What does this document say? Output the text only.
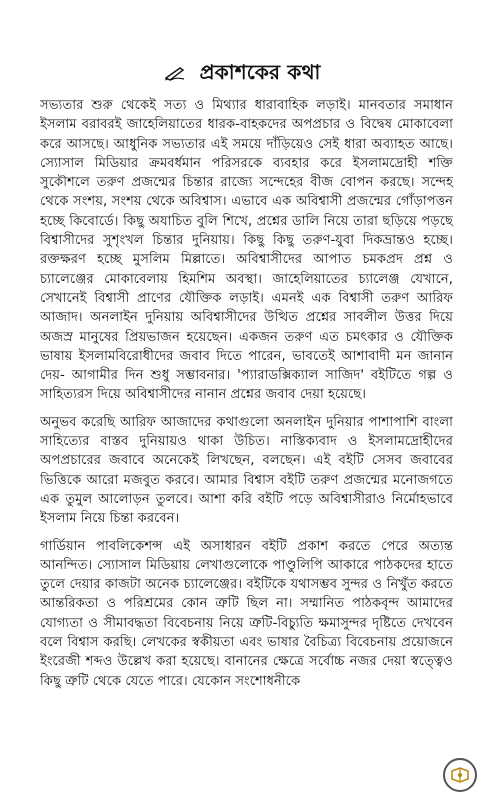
প্রকাশকের কথা

সভ্যতার শুরু থেকেই সত্য ও মিথ্যার ধারাবাহিক লড়াই। মানবতার সমাধান ইসলাম বরাবরই জাহেলিয়াতের ধারক-বাহকদের অপপ্রচার ও বিদ্বেষ মোকাবেলা করে আসছে। আধুনিক সভ্যতার এই সময়ে দাঁড়িয়েও সেই ধারা অব্যাহত আছে। স্যোসাল মিডিয়ার ক্রমবর্ধমান পরিসরকে ব্যবহার করে ইসলামদ্রোহী শক্তি সুকৌশলে তরুণ প্রজন্মের চিন্তার রাজ্যে সন্দেহের বীজ বোপন করছে। সন্দেহ থেকে সংশয়, সংশয় থেকে অবিশ্বাস। এভাবে এক অবিশ্বাসী প্রজন্মের গোঁড়াপত্তন হচ্ছে কিবোর্ডে। কিছু অযাচিত বুলি শিখে, প্রশ্নের ডালি নিয়ে তারা ছড়িয়ে পড়ছে বিশ্বাসীদের সুশৃংখল চিন্তার দুনিয়ায়। কিছু কিছু তরুণ-যুবা দিকভ্রান্তও হচ্ছে। রক্তক্ষরণ হচ্ছে মুসলিম মিল্লাতে। অবিশ্বাসীদের আপাত চমকপ্রদ প্রশ্ন ও চ্যালেঞ্জের মোকাবেলায় হিমশিম অবস্থা। জাহেলিয়াতের চ্যালেঞ্জ যেখানে, সেখানেই বিশ্বাসী প্রাণের যৌক্তিক লড়াই। এমনই এক বিশ্বাসী তরুণ আরিফ আজাদ। অনলাইন দুনিয়ায় অবিশ্বাসীদের উত্থিত প্রশ্নের সাবলীল উত্তর দিয়ে অজস্র মানুষের প্রিয়ভাজন হয়েছেন। একজন তরুণ এত চমৎকার ও যৌক্তিক ভাষায় ইসলামবিরোধীদের জবাব দিতে পারেন, ভাবতেই আশাবাদী মন জানান দেয়- আগামীর দিন শুধু সম্ভাবনার। 'প্যারাডক্সিক্যাল সাজিদ' বইটিতে গল্প ও সাহিত্যরস দিয়ে অবিশ্বাসীদের নানান প্রশ্নের জবাব দেয়া হয়েছে।

অনুভব করেছি আরিফ আজাদের কথাগুলো অনলাইন দুনিয়ার পাশাপাশি বাংলা সাহিত্যের বাস্তব দুনিয়ায়ও থাকা উচিত। নাস্তিক্যবাদ ও ইসলামদ্রোহীদের অপপ্রচারের জবাবে অনেকেই লিখছেন, বলছেন। এই বইটি সেসব জবাবের ভিত্তিকে আরো মজবুত করবে। আমার বিশ্বাস বইটি তরুণ প্রজন্মের মনোজগতে এক তুমুল আলোড়ন তুলবে। আশা করি বইটি পড়ে অবিশ্বাসীরাও নির্মোহভাবে ইসলাম নিয়ে চিন্তা করবেন।

গার্ডিয়ান পাবলিকেশন্স এই অসাধারন বইটি প্রকাশ করতে পেরে অত্যন্ত আনন্দিত। স্যোসাল মিডিয়ায় লেখাগুলোকে পাণ্ডুলিপি আকারে পাঠকদের হাতে তুলে দেয়ার কাজটা অনেক চ্যালেঞ্জের। বইটিকে যথাসম্ভব সুন্দর ও নিখুঁত করতে আন্তরিকতা ও পরিশ্রমের কোন ত্রুটি ছিল না। সম্মানিত পাঠকবৃন্দ আমাদের যোগ্যতা ও সীমাবদ্ধতা বিবেচনায় নিয়ে ত্রুটি-বিচ্যুতি ক্ষমাসুন্দর দৃষ্টিতে দেখবেন বলে বিশ্বাস করছি। লেখকের স্বকীয়তা এবং ভাষার বৈচিত্র্য বিবেচনায় প্রয়োজনে ইংরেজী শব্দও উল্লেখ করা হয়েছে। বানানের ক্ষেত্রে সর্বোচ্চ নজর দেয়া স্বত্ত্বেও কিছু ত্রুটি থেকে যেতে পারে। যেকোন সংশোধনীকে
